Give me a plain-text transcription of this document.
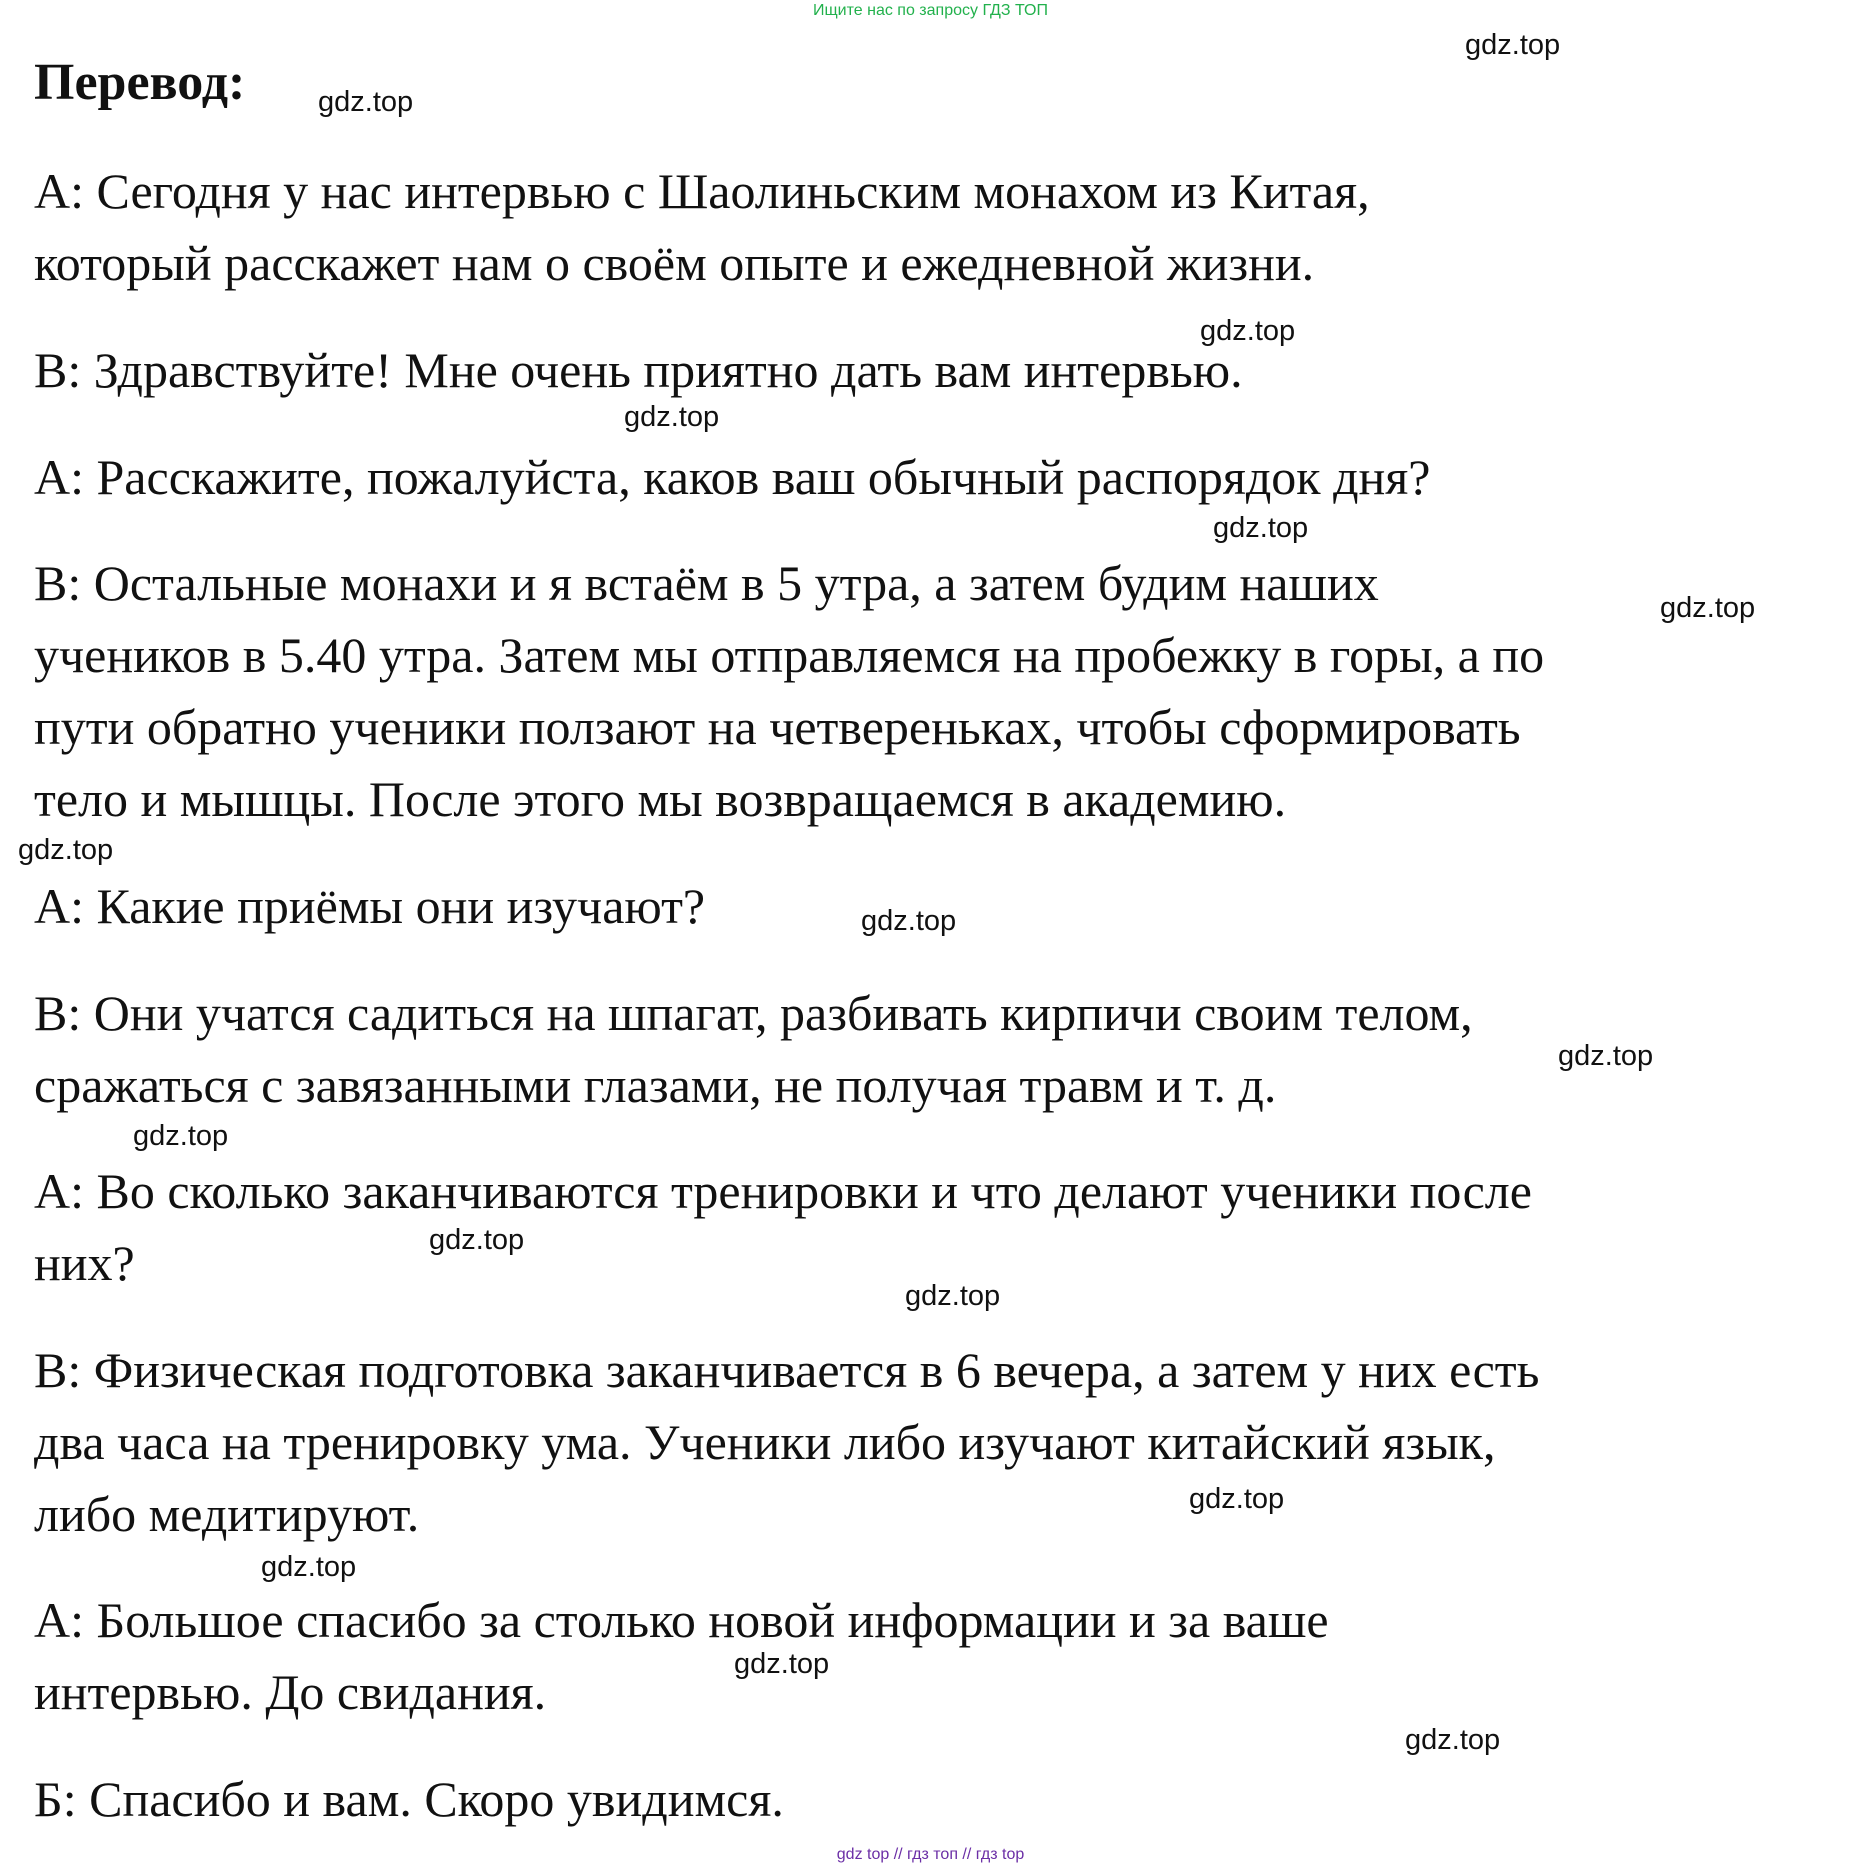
Ищите нас по запросу ГДЗ ТОП
Перевод:

A: Сегодня у нас интервью с Шаолиньским монахом из Китая,

который расскажет нам о своём опыте и ежедневной жизни.

B: Здравствуйте! Мне очень приятно дать вам интервью.

A: Расскажите, пожалуйста, каков ваш обычный распорядок дня?

B: Остальные монахи и я встаём в 5 утра, а затем будим наших

учеников в 5.40 утра. Затем мы отправляемся на пробежку в горы, а по

пути обратно ученики ползают на четвереньках, чтобы сформировать

тело и мышцы. После этого мы возвращаемся в академию.

A: Какие приёмы они изучают?

B: Они учатся садиться на шпагат, разбивать кирпичи своим телом,

сражаться с завязанными глазами, не получая травм и т. д.

A: Во сколько заканчиваются тренировки и что делают ученики после

них?

B: Физическая подготовка заканчивается в 6 вечера, а затем у них есть

два часа на тренировку ума. Ученики либо изучают китайский язык,

либо медитируют.

A: Большое спасибо за столько новой информации и за ваше

интервью. До свидания.

Б: Спасибо и вам. Скоро увидимся.

gdz.top
gdz.top
gdz.top
gdz.top
gdz.top
gdz.top
gdz.top
gdz.top
gdz.top
gdz.top
gdz.top
gdz.top
gdz.top
gdz.top
gdz.top
gdz.top
gdz top // гдз топ // гдз top
